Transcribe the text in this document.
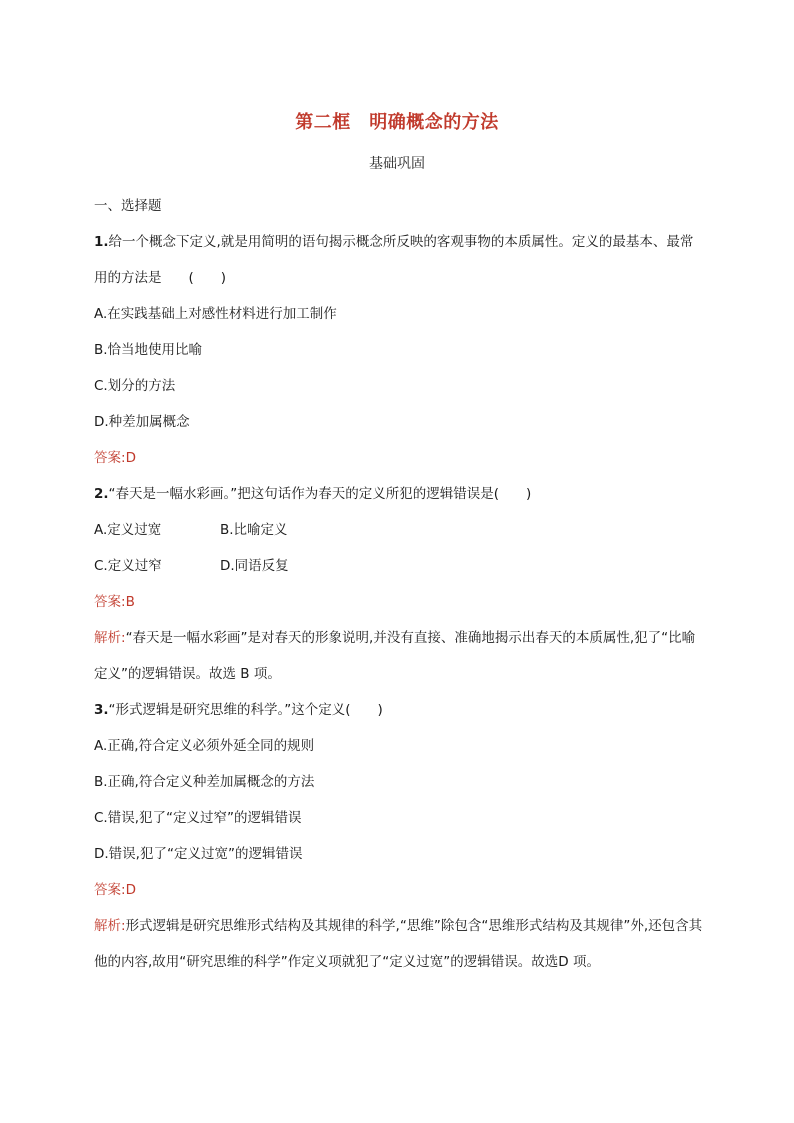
第二框　明确概念的方法
基础巩固
一、选择题
1.给一个概念下定义,就是用简明的语句揭示概念所反映的客观事物的本质属性。定义的最基本、最常用的方法是　　(　　)
A.在实践基础上对感性材料进行加工制作
B.恰当地使用比喻
C.划分的方法
D.种差加属概念
答案:D
2.“春天是一幅水彩画。”把这句话作为春天的定义所犯的逻辑错误是(　　)
A.定义过宽	B.比喻定义
C.定义过窄	D.同语反复
答案:B
解析:“春天是一幅水彩画”是对春天的形象说明,并没有直接、准确地揭示出春天的本质属性,犯了“比喻定义”的逻辑错误。故选 B 项。
3.“形式逻辑是研究思维的科学。”这个定义(　　)
A.正确,符合定义必须外延全同的规则
B.正确,符合定义种差加属概念的方法
C.错误,犯了“定义过窄”的逻辑错误
D.错误,犯了“定义过宽”的逻辑错误
答案:D
解析:形式逻辑是研究思维形式结构及其规律的科学,“思维”除包含“思维形式结构及其规律”外,还包含其他的内容,故用“研究思维的科学”作定义项就犯了“定义过宽”的逻辑错误。故选D 项。
